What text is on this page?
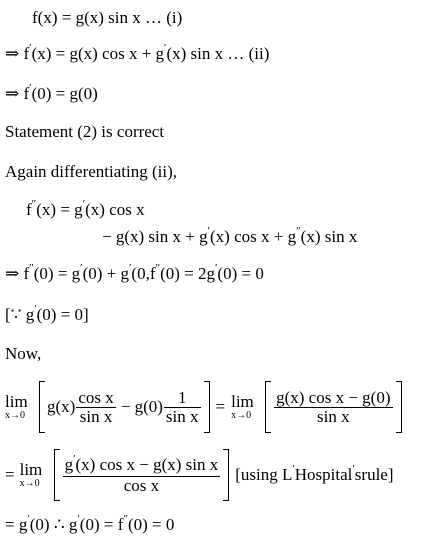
f(x) = g(x) sin x … (i)
⇒ f′(x) = g(x) cos x + g′(x) sin x … (ii)
⇒ f′(0) = g(0)
Statement (2) is correct
Again differentiating (ii),
f″(x) = g′(x) cos x
− g(x) sin x + g′(x) cos x + g″(x) sin x
⇒ f″(0) = g′(0) + g′(0,f″(0) = 2g′(0) = 0
[∵ g′(0) = 0]
Now,
lim
x→0	$g(x) \frac{\text{cos x}}{\text{sin x}} - g(0) \frac{1}{\text{sin x}} = \lim$
x→0	$\frac{\text{g(x) cos x − g(0)}}{\text{sin x}}$
= lim
x→0	$\frac{g'(x) \cos x - g(x) \sin x}{\text{cos x}} [using$ L′Hospital′srule]
= g′(0) ∴ g′(0) = f″(0) = 0
